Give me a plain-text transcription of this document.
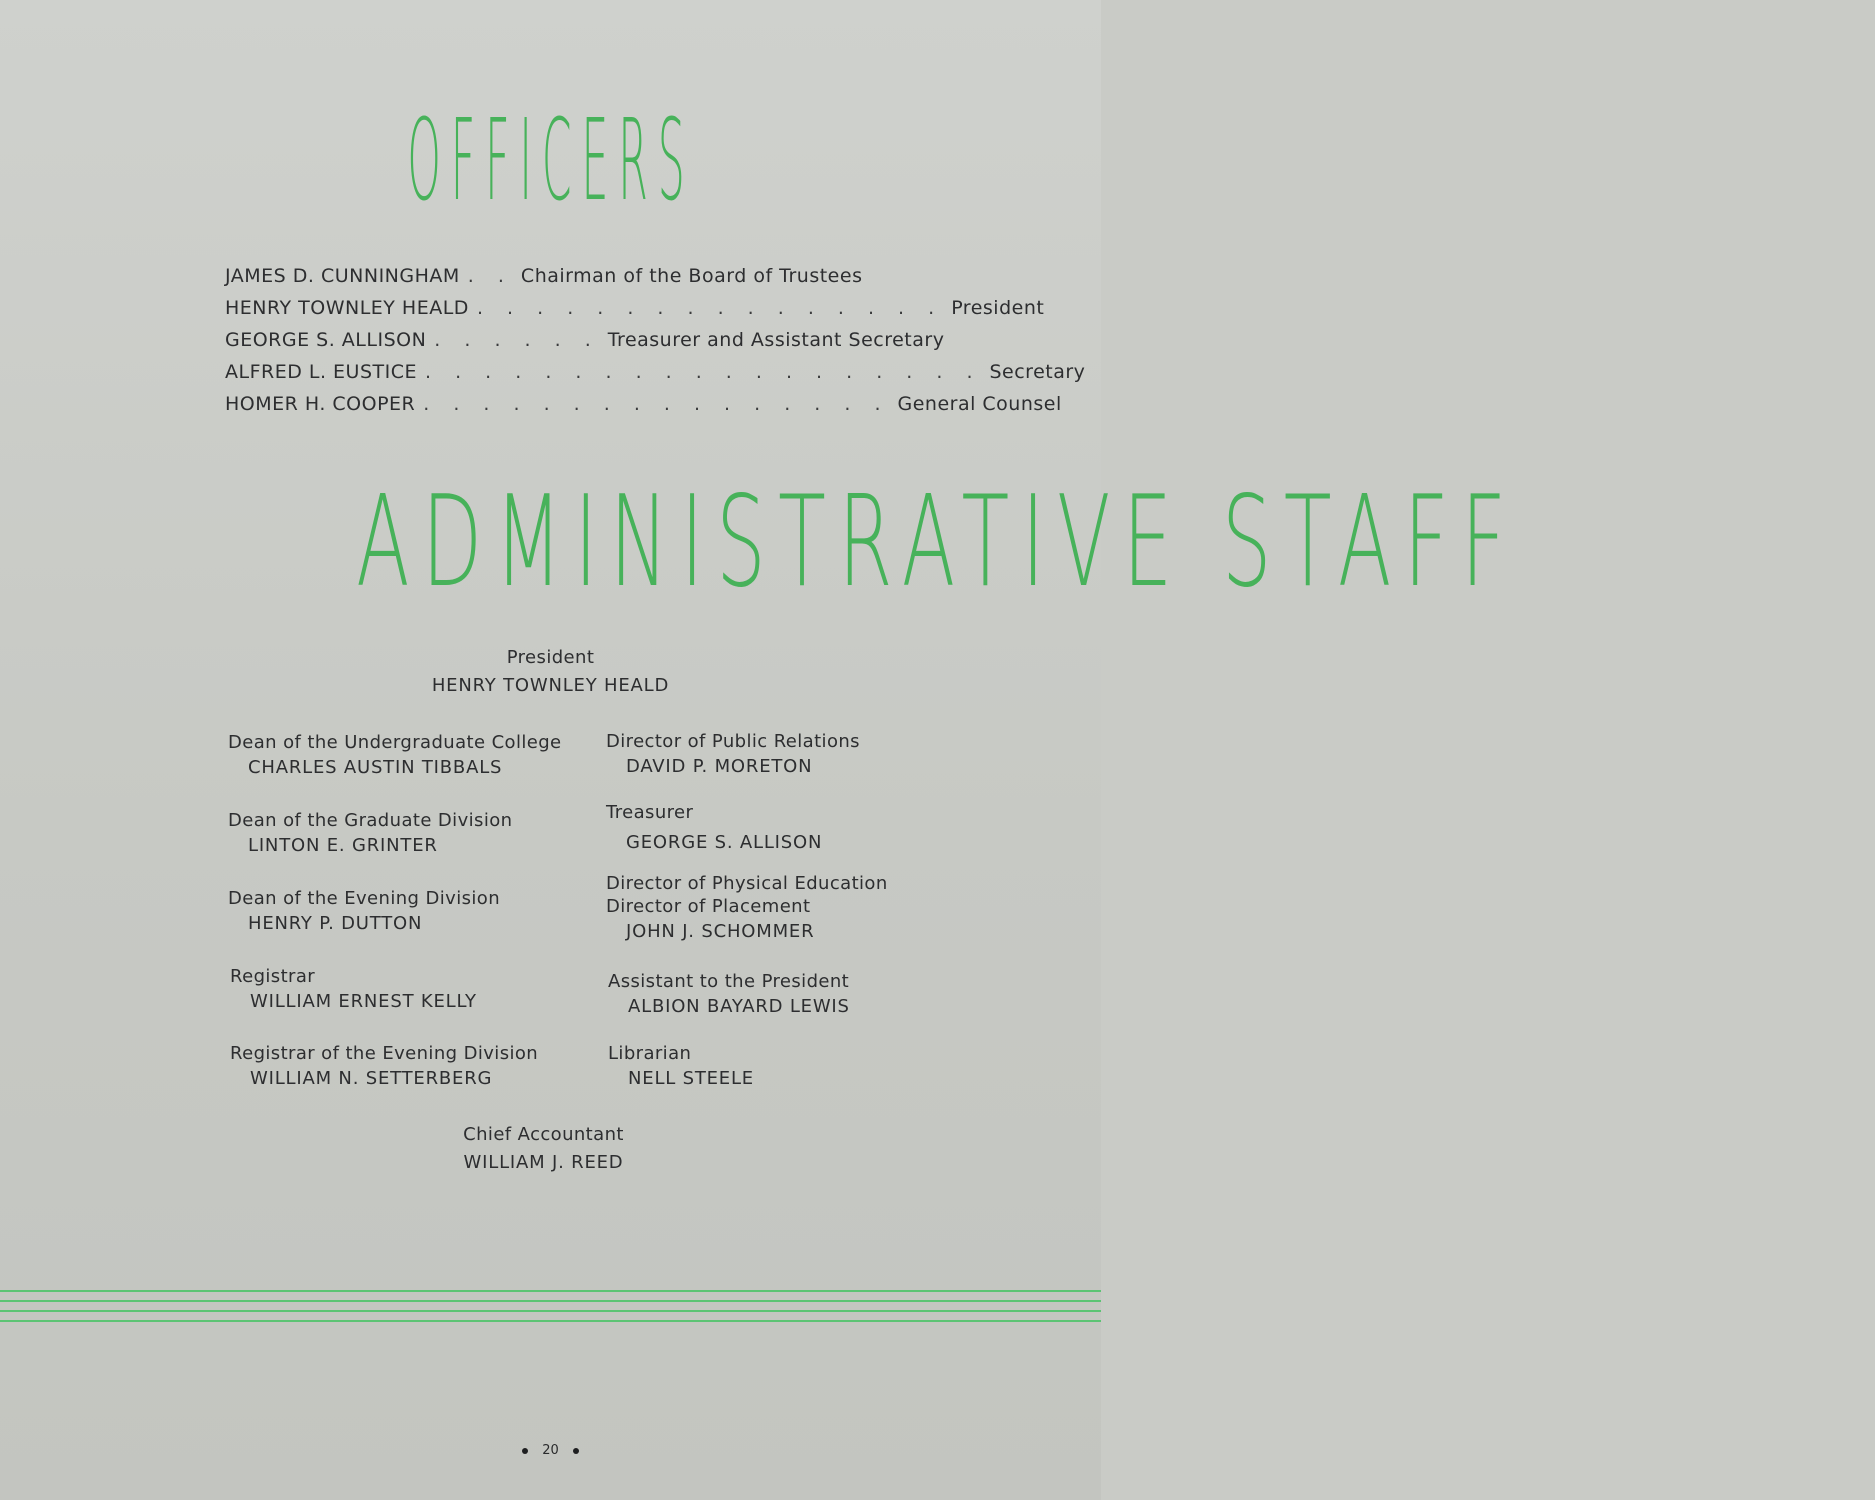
OFFICERS
JAMES D. CUNNINGHAM . . Chairman of the Board of Trustees
HENRY TOWNLEY HEALD . . . . . . . . . . . . . . . . President
GEORGE S. ALLISON . . . . . . Treasurer and Assistant Secretary
ALFRED L. EUSTICE . . . . . . . . . . . . . . . . . . . Secretary
HOMER H. COOPER . . . . . . . . . . . . . . . . General Counsel
ADMINISTRATIVE STAFF
President
HENRY TOWNLEY HEALD
Dean of the Undergraduate College
CHARLES AUSTIN TIBBALS
Dean of the Graduate Division
LINTON E. GRINTER
Dean of the Evening Division
HENRY P. DUTTON
Registrar
WILLIAM ERNEST KELLY
Registrar of the Evening Division
WILLIAM N. SETTERBERG
Director of Public Relations
DAVID P. MORETON
Treasurer
GEORGE S. ALLISON
Director of Physical Education
Director of Placement
JOHN J. SCHOMMER
Assistant to the President
ALBION BAYARD LEWIS
Librarian
NELL STEELE
Chief Accountant
WILLIAM J. REED
20
